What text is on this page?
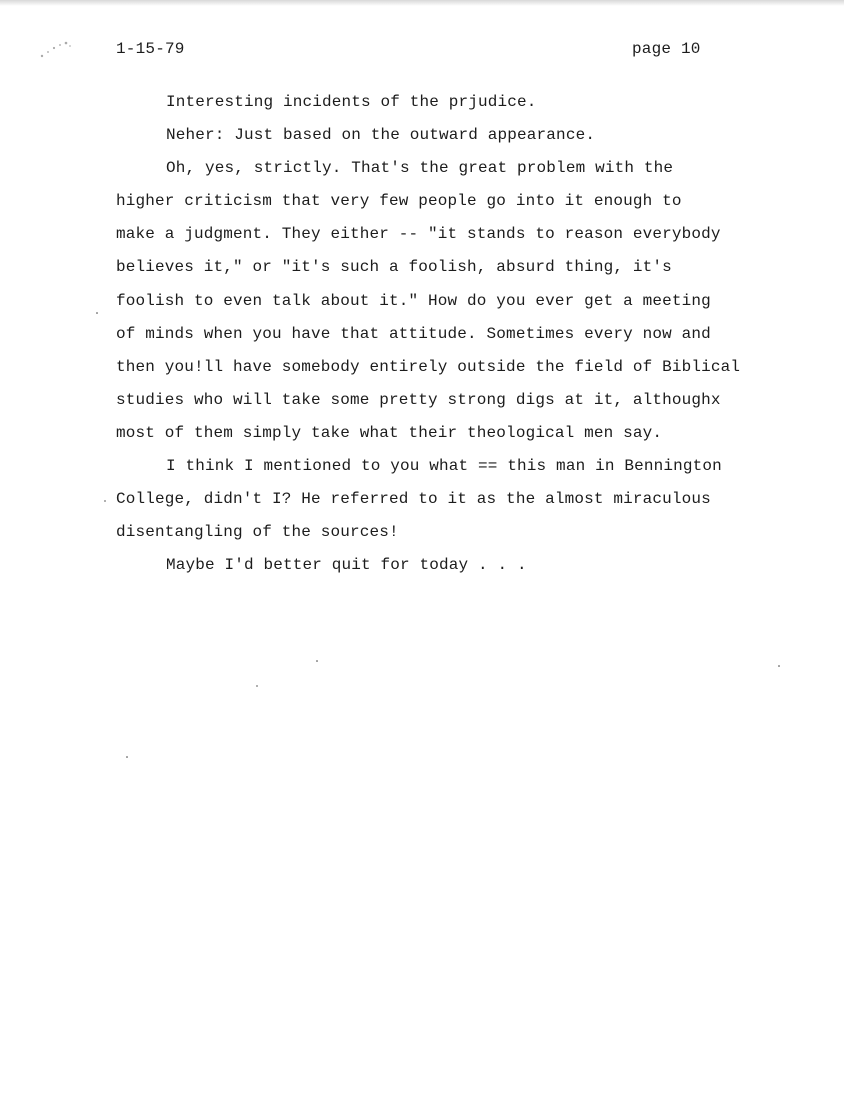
1-15-79	page 10
Interesting incidents of the prjudice.
Neher: Just based on the outward appearance.
Oh, yes, strictly. That's the great problem with the
higher criticism that very few people go into it enough to
make a judgment. They either -- "it stands to reason everybody
believes it," or "it's such a foolish, absurd thing, it's
foolish to even talk about it." How do you ever get a meeting
of minds when you have that attitude. Sometimes every now and
then you!ll have somebody entirely outside the field of Biblical
studies who will take some pretty strong digs at it, althoughx
most of them simply take what their theological men say.
I think I mentioned to you what == this man in Bennington
College, didn't I? He referred to it as the almost miraculous
disentangling of the sources!
Maybe I'd better quit for today . . .
